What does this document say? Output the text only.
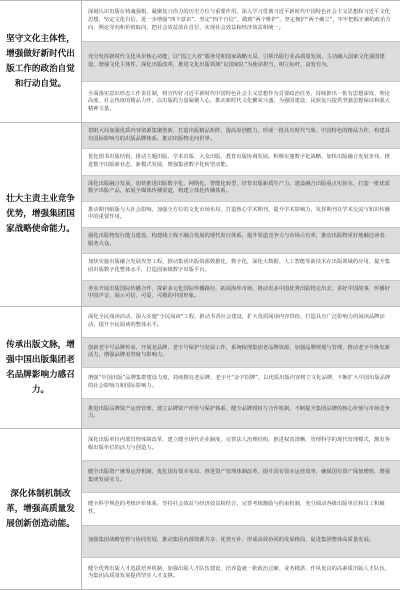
坚守文化主体性，增强做好新时代出版工作的政治自觉和行动自觉。
深刻认识出版在铸魂强根、凝聚复兴伟力的历史方位与重要作用。深入学习贯彻习近平新时代中国特色社会主义思想和习近平文化思想，坚定文化自信，进一步增强“四个意识”、坚定“四个自信”、做到“两个维护”，坚定拥护“两个确立”，牢牢把握正确的政治方向、舆论导向和价值取向，把社会效益放在首位，实现社会效益和经济效益相统一。
充分发挥新时代文化央企核心功能，以“国之大者”服务党和国家战略大局，引领出版行业高质量发展。主动融入国家文化强国建设，增强文化主体性，深化出版改革，推进文化出版领域“以国家队”为使命担当，树立标杆，奋发有为。
全面落实意识形态工作责任制，将宣传好习近平新时代中国特色社会主义思想作为首要政治任务，持续推出一批有思想深度、理论高度、社会热度的精品力作，以出版的力量凝聚人心，推动新时代文化繁荣兴盛，为强国建设、民族复兴提供坚强思想保证和强大精神力量。
壮大主责主业竞争优势，增强集团国家战略使命能力。
着眼大局加强优质内容资源集聚创新，打造出版精品矩阵，提高原创能力，形成一批具有时代气象、中国特色的精品力作，构建具有国际影响力的出版品牌体系，推动出版物走向世界。
优化图书出版结构，推动主题出版、学术出版、大众出版、教育出版协调发展。积极实施数字化战略，加快出版融合发展步伐，推进数字出版新业态、新模式发展，增强集团数字化转型动能。
深化出版融合发展，加快推进出版数字化、网络化、智能化转型，培育出版新质生产力，建设融合出版重点实验室，打造一批优质数字出版产品，拓展全媒体传播渠道，构建立体化传播体系。
推动期刊纸版与大社会影响，加强全方位的文化市场布局，打造核心学术期刊，提升学术影响力，发挥期刊在学术交流与知识传播中的重要作用。
强化出版物发行能力建设，构建线上线下融合发展的现代发行体系，提升渠道竞争力与市场占有率，推动出版物更好地触达读者、服务大众。
加快实施出版融合发展攻坚工程，推动集团出版资源数据化、数字化，深化大数据、人工智能等新技术在出版领域的应用，提升集团出版数字化整体水平，打造国家级数字出版平台。
务实开展出版国际传播合作，探索多元化国际传播路径，拓展海外市场，推动更多中国优秀出版物走出去，讲好中国故事，传播好中国声音，展示可信、可爱、可敬的中国形象。
传承出版文脉，增强中国出版集团老名品牌影响力感召力。
深化全民阅读活动，深入实施“全民阅读”工程，推动书香社会建设，扩大优质阅读内容供给，打造具有广泛影响力的阅读品牌活动，提升全民阅读的整体水平。
创新老字号品牌传承，开展老品牌、老字号保护与发展工作，系统梳理集团老品牌资源，加强品牌规划与管理，推动老字号焕发新活力，增强品牌美誉度与影响力。
增强“中国出版”品牌集群建设力度，持续擦亮老品牌、老字号“金字招牌”，以优质出版内容树立文化品牌，不断扩大中国出版品牌的社会影响力和国际影响力。
推进出版品牌资产运营管理，建立品牌资产评价与保护体系，健全品牌授权与合作机制，不断提升集团品牌的核心价值与市场竞争力。
深化体制机制改革，增强高质量发展创新创造动能。
深化出版单位内部管理体制改革，建立健全现代企业制度，完善法人治理结构，推进权责清晰、管理科学的现代管理模式，激发各级出版单位的活力与创造力。
健全出版资产统筹运营机制，优化国有资本布局，推进资产管理体制改革，提升国有资本运营效率，确保国有资产保值增值，增强集团发展实力。
健全科学规范的考核评价体系，坚持社会效益与经济效益相结合，完善考核激励与约束机制，充分调动各级出版单位和员工积极性。
加强集团战略管控与协同发展，推动集团内部资源共享、优势互补，形成高效协同的发展格局，促进集团整体高质量发展。
健全优秀出版人才选拔培养机制，加强出版人才队伍建设，培养造就一批政治过硬、业务精湛、作风优良的高素质出版人才队伍，为集团高质量发展提供坚实人才支撑。
